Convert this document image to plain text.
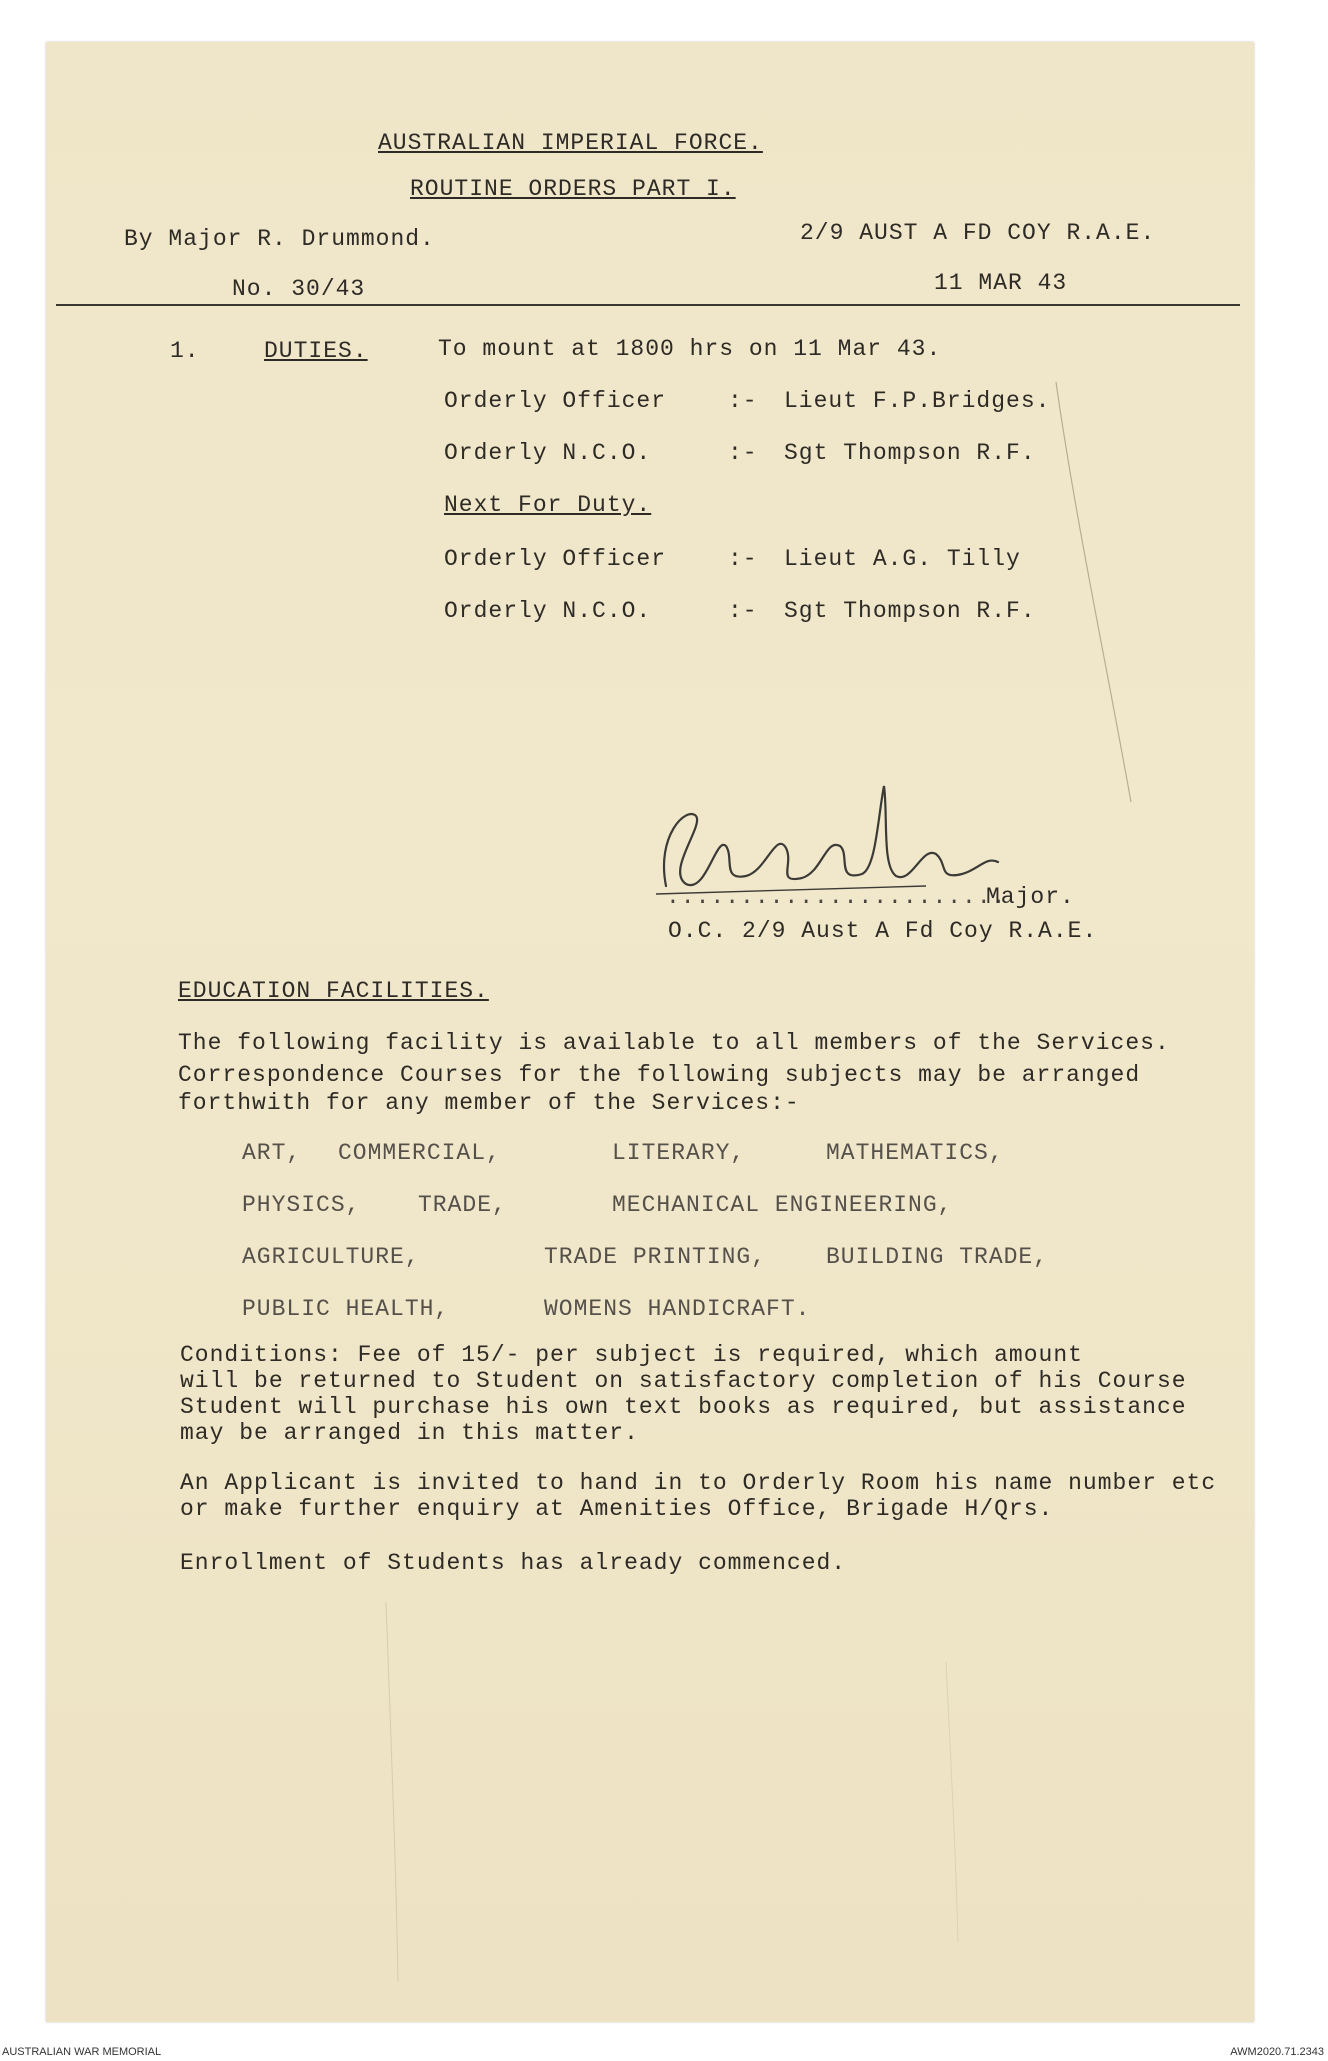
AUSTRALIAN IMPERIAL FORCE.
ROUTINE ORDERS PART I.
By Major R. Drummond.
No. 30/43
2/9 AUST A FD COY R.A.E.
11 MAR 43
1.	DUTIES.	To mount at 1800 hrs on 11 Mar 43.
Orderly Officer	:- Lieut F.P.Bridges.
Orderly N.C.O.	:- Sgt Thompson R.F.
Next For Duty.
Orderly Officer	:- Lieut A.G. Tilly
Orderly N.C.O.	:- Sgt Thompson R.F.
.......................
Major.
O.C. 2/9 Aust A Fd Coy R.A.E.
EDUCATION FACILITIES.
The following facility is available to all members of the Services.
Correspondence Courses for the following subjects may be arranged
forthwith for any member of the Services:-
ART, COMMERCIAL,	LITERARY,	MATHEMATICS,
PHYSICS,	TRADE,	MECHANICAL ENGINEERING,
AGRICULTURE,	TRADE PRINTING,	BUILDING TRADE,
PUBLIC HEALTH,	WOMENS HANDICRAFT.
Conditions: Fee of 15/- per subject is required, which amount
will be returned to Student on satisfactory completion of his Course
Student will purchase his own text books as required, but assistance
may be arranged in this matter.
An Applicant is invited to hand in to Orderly Room his name number etc
or make further enquiry at Amenities Office, Brigade H/Qrs.
Enrollment of Students has already commenced.
AUSTRALIAN WAR MEMORIAL	AWM2020.71.2343
